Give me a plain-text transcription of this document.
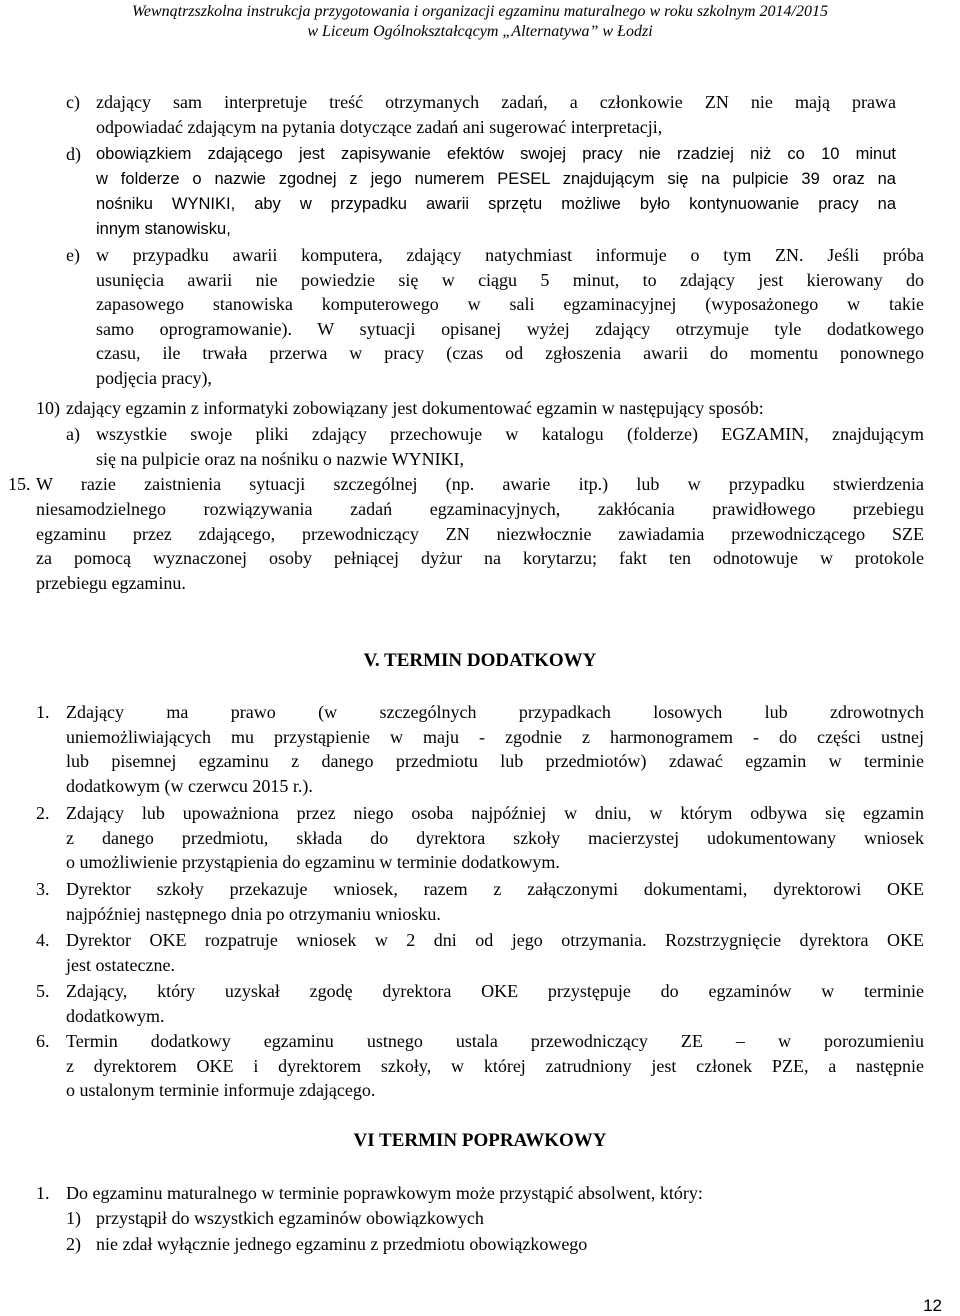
Wewnątrzszkolna instrukcja przygotowania i organizacji egzaminu maturalnego w roku szkolnym 2014/2015
w Liceum Ogólnokształcącym „Alternatywa” w Łodzi
c) zdający sam interpretuje treść otrzymanych zadań, a członkowie ZN nie mają prawa
odpowiadać zdającym na pytania dotyczące zadań ani sugerować interpretacji,
d) obowiązkiem zdającego jest zapisywanie efektów swojej pracy nie rzadziej niż co 10 minut
w folderze o nazwie zgodnej z jego numerem PESEL znajdującym się na pulpicie 39 oraz na
nośniku WYNIKI, aby w przypadku awarii sprzętu możliwe było kontynuowanie pracy na
innym stanowisku,
e) w przypadku awarii komputera, zdający natychmiast informuje o tym ZN. Jeśli próba
usunięcia awarii nie powiedzie się w ciągu 5 minut, to zdający jest kierowany do
zapasowego stanowiska komputerowego w sali egzaminacyjnej (wyposażonego w takie
samo oprogramowanie). W sytuacji opisanej wyżej zdający otrzymuje tyle dodatkowego
czasu, ile trwała przerwa w pracy (czas od zgłoszenia awarii do momentu ponownego
podjęcia pracy),
10) zdający egzamin z informatyki zobowiązany jest dokumentować egzamin w następujący sposób:
a) wszystkie swoje pliki zdający przechowuje w katalogu (folderze) EGZAMIN, znajdującym
się na pulpicie oraz na nośniku o nazwie WYNIKI,
15. W razie zaistnienia sytuacji szczególnej (np. awarie itp.) lub w przypadku stwierdzenia
niesamodzielnego rozwiązywania zadań egzaminacyjnych, zakłócania prawidłowego przebiegu
egzaminu przez zdającego, przewodniczący ZN niezwłocznie zawiadamia przewodniczącego SZE
za pomocą wyznaczonej osoby pełniącej dyżur na korytarzu; fakt ten odnotowuje w protokole
przebiegu egzaminu.
V. TERMIN DODATKOWY
1. Zdający ma prawo (w szczególnych przypadkach losowych lub zdrowotnych
uniemożliwiających mu przystąpienie w maju - zgodnie z harmonogramem - do części ustnej
lub pisemnej egzaminu z danego przedmiotu lub przedmiotów) zdawać egzamin w terminie
dodatkowym (w czerwcu 2015 r.).
2. Zdający lub upoważniona przez niego osoba najpóźniej w dniu, w którym odbywa się egzamin
z danego przedmiotu, składa do dyrektora szkoły macierzystej udokumentowany wniosek
o umożliwienie przystąpienia do egzaminu w terminie dodatkowym.
3. Dyrektor szkoły przekazuje wniosek, razem z załączonymi dokumentami, dyrektorowi OKE
najpóźniej następnego dnia po otrzymaniu wniosku.
4. Dyrektor OKE rozpatruje wniosek w 2 dni od jego otrzymania. Rozstrzygnięcie dyrektora OKE
jest ostateczne.
5. Zdający, który uzyskał zgodę dyrektora OKE przystępuje do egzaminów w terminie
dodatkowym.
6. Termin dodatkowy egzaminu ustnego ustala przewodniczący ZE – w porozumieniu
z dyrektorem OKE i dyrektorem szkoły, w której zatrudniony jest członek PZE, a następnie
o ustalonym terminie informuje zdającego.
VI TERMIN POPRAWKOWY
1. Do egzaminu maturalnego w terminie poprawkowym może przystąpić absolwent, który:
1) przystąpił do wszystkich egzaminów obowiązkowych
2) nie zdał wyłącznie jednego egzaminu z przedmiotu obowiązkowego
12
